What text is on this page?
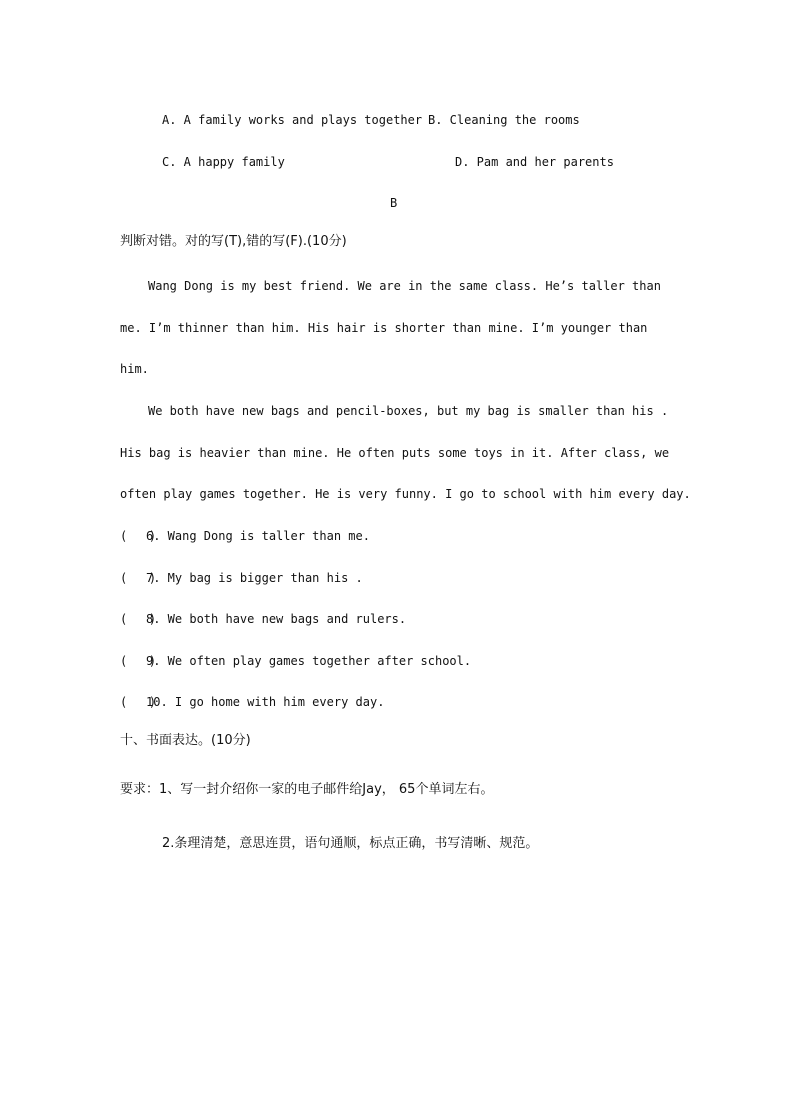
A. A family works and plays together B. Cleaning the rooms
C. A happy family	D. Pam and her parents
B
判断对错。对的写(T),错的写(F).(10分)
Wang Dong is my best friend. We are in the same class. He’s taller than
me. I’m thinner than him. His hair is shorter than mine. I’m younger than
him.
We both have new bags and pencil-boxes, but my bag is smaller than his .
His bag is heavier than mine. He often puts some toys in it. After class, we
often play games together. He is very funny. I go to school with him every day.
(   )6. Wang Dong is taller than me.
(   )7. My bag is bigger than his .
(   )8. We both have new bags and rulers.
(   )9. We often play games together after school.
(   )10. I go home with him every day.
十、书面表达。(10分)
要求：1、写一封介绍你一家的电子邮件给Jay， 65个单词左右。
2.条理清楚，意思连贯，语句通顺，标点正确，书写清晰、规范。
